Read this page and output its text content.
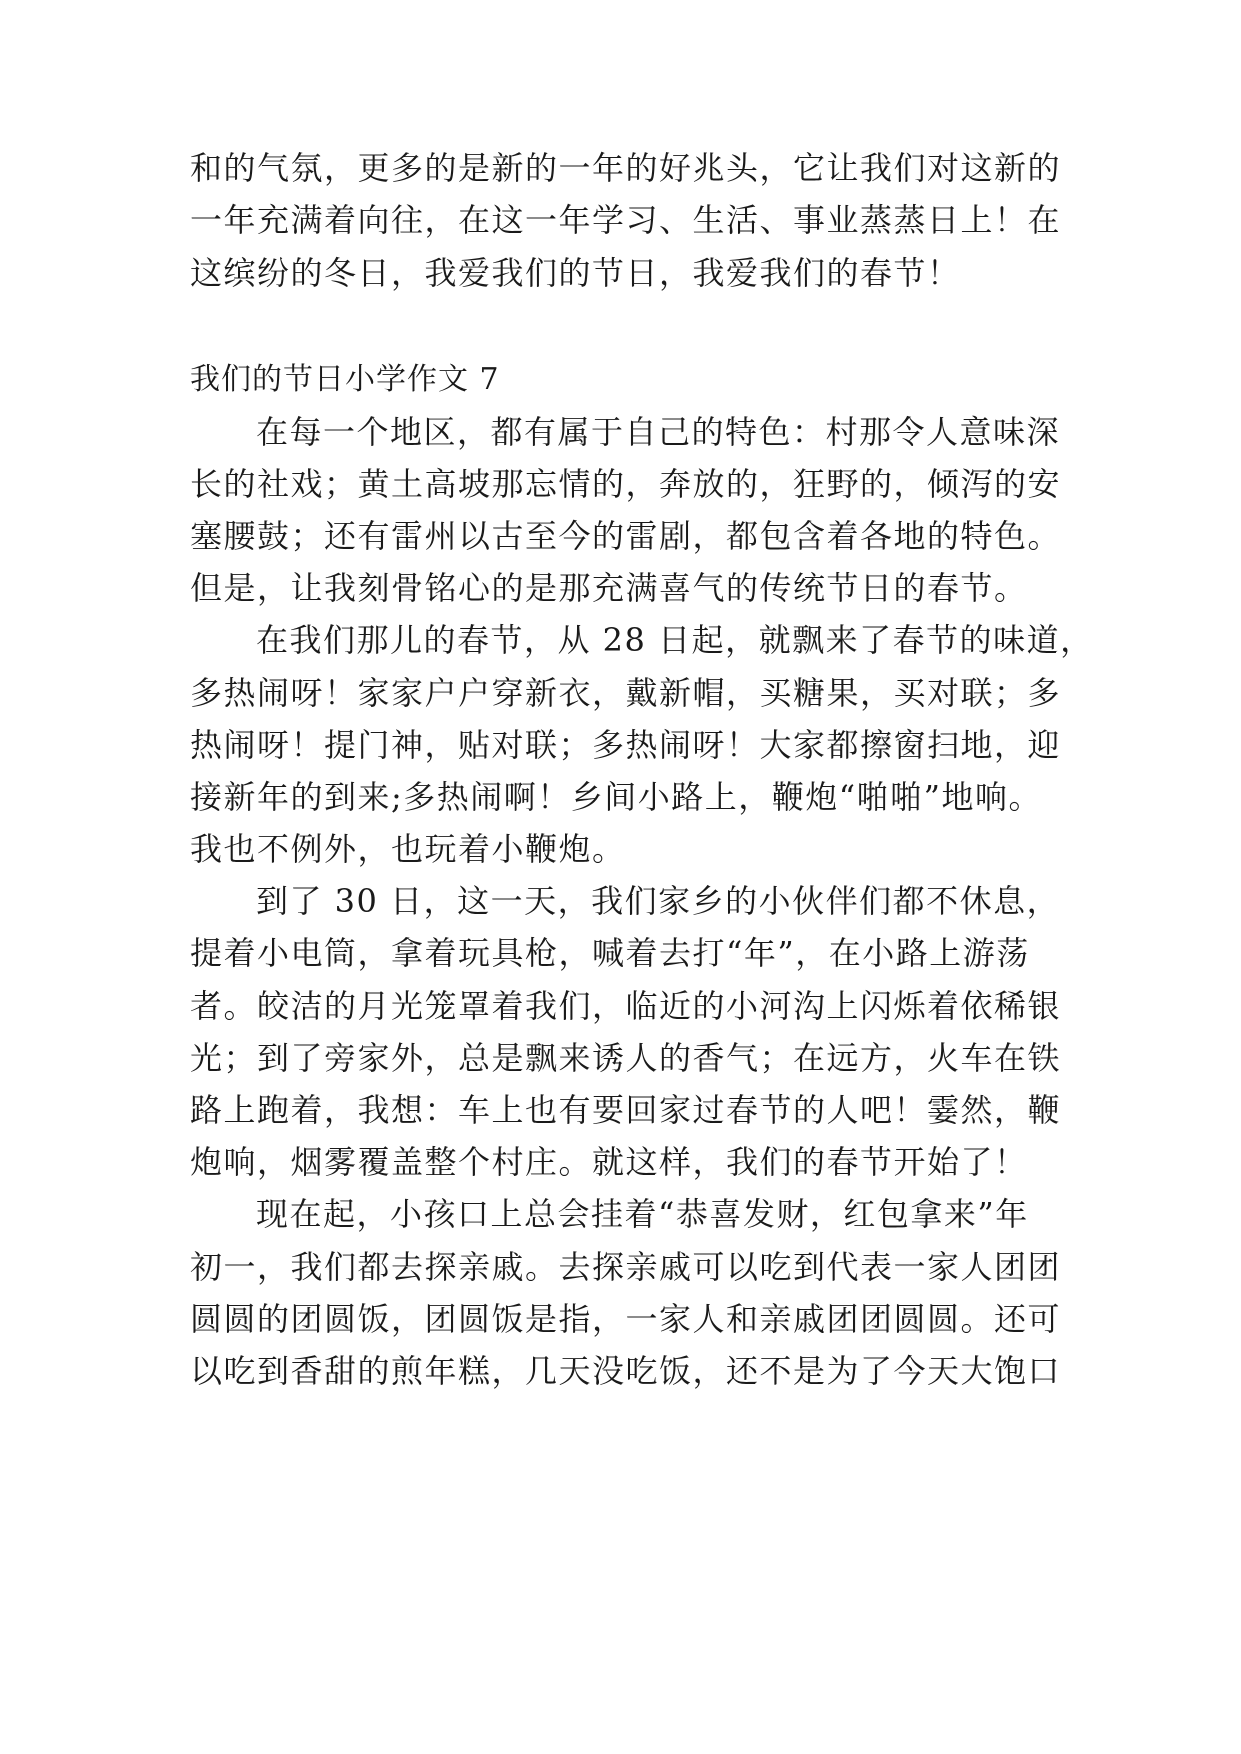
和的气氛，更多的是新的一年的好兆头，它让我们对这新的
一年充满着向往，在这一年学习、生活、事业蒸蒸日上！在
这缤纷的冬日，我爱我们的节日，我爱我们的春节！
我们的节日小学作文 7
在每一个地区，都有属于自己的特色：村那令人意味深
长的社戏；黄土高坡那忘情的，奔放的，狂野的，倾泻的安
塞腰鼓；还有雷州以古至今的雷剧，都包含着各地的特色。
但是，让我刻骨铭心的是那充满喜气的传统节日的春节。
在我们那儿的春节，从 28 日起，就飘来了春节的味道，
多热闹呀！家家户户穿新衣，戴新帽，买糖果，买对联；多
热闹呀！提门神，贴对联；多热闹呀！大家都擦窗扫地，迎
接新年的到来;多热闹啊！乡间小路上，鞭炮“啪啪”地响。
我也不例外，也玩着小鞭炮。
到了 30 日，这一天，我们家乡的小伙伴们都不休息，
提着小电筒，拿着玩具枪，喊着去打“年”，在小路上游荡
者。皎洁的月光笼罩着我们，临近的小河沟上闪烁着依稀银
光；到了旁家外，总是飘来诱人的香气；在远方，火车在铁
路上跑着，我想：车上也有要回家过春节的人吧！霎然，鞭
炮响，烟雾覆盖整个村庄。就这样，我们的春节开始了！
现在起，小孩口上总会挂着“恭喜发财，红包拿来”年
初一，我们都去探亲戚。去探亲戚可以吃到代表一家人团团
圆圆的团圆饭，团圆饭是指，一家人和亲戚团团圆圆。还可
以吃到香甜的煎年糕，几天没吃饭，还不是为了今天大饱口
